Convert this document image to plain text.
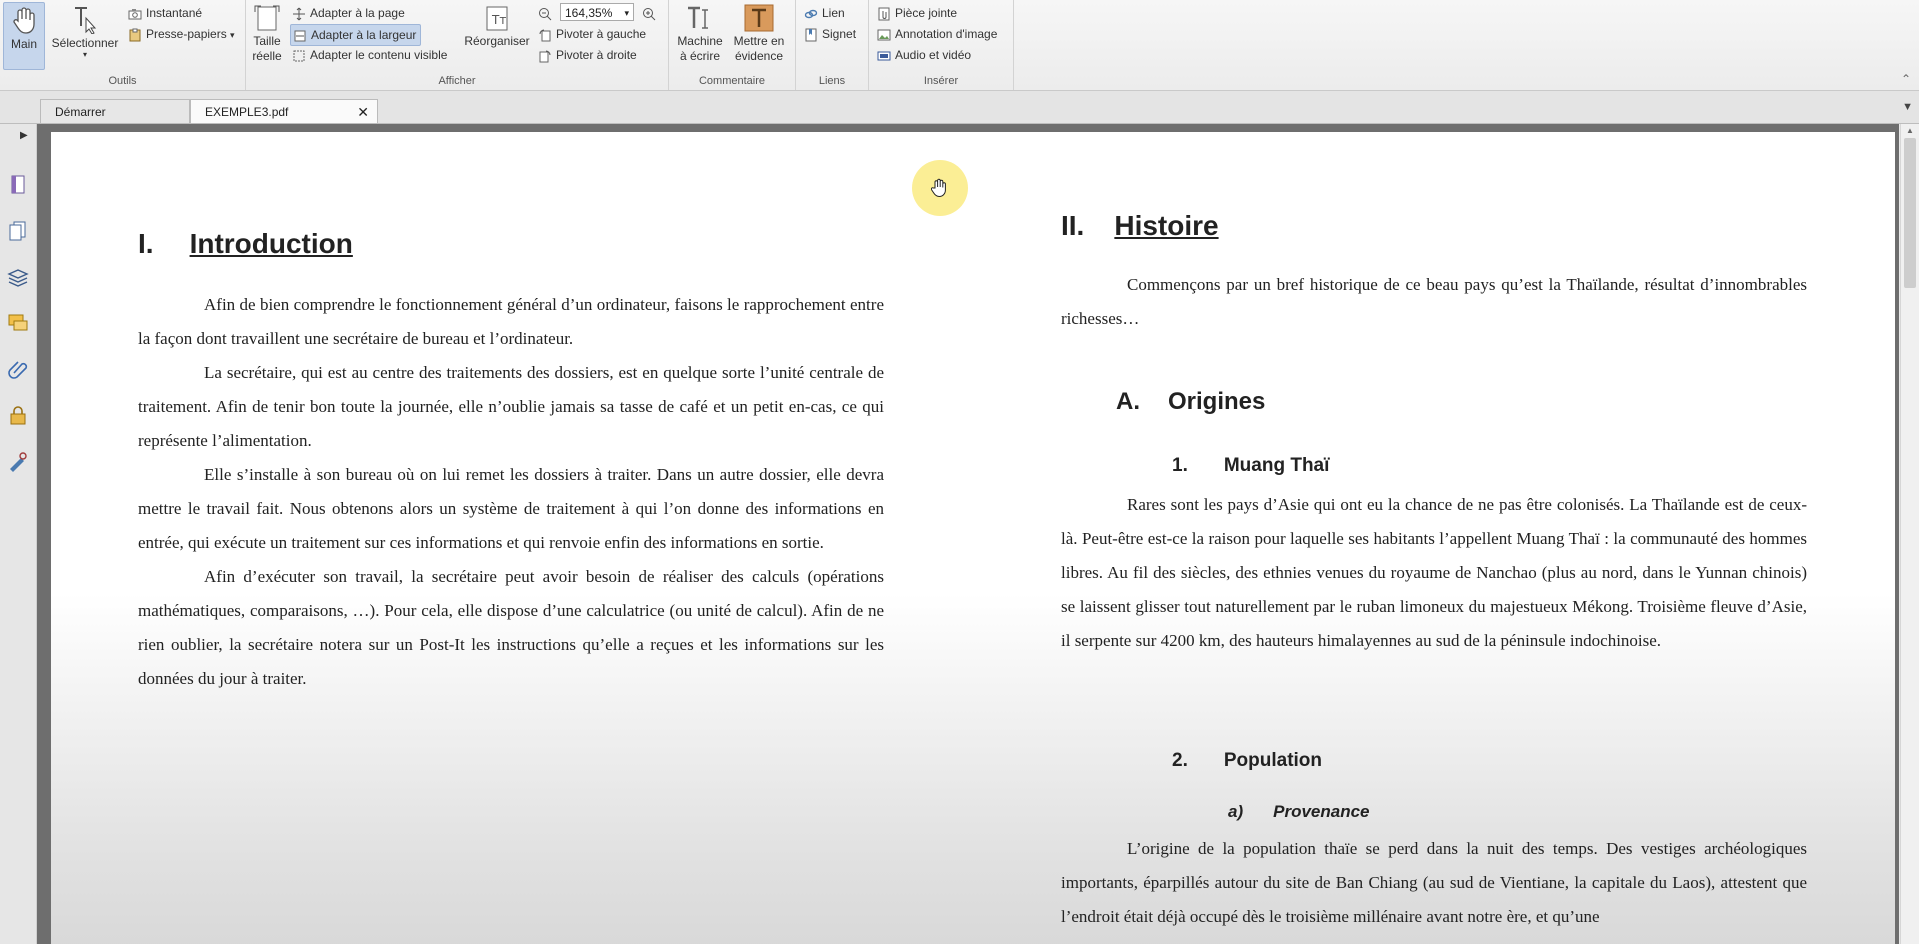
Main	Sélectionner
▾
Instantané
Presse-papiers ▾
Outils
Taille
réelle
Adapter à la page
Adapter à la largeur
Adapter le contenu visible
Tт
Réorganiser
164,35% ▾
Pivoter à gauche
Pivoter à droite
Afficher
Machine
à écrire
Mettre en
évidence
Commentaire
Lien
Signet
Liens
Pièce jointe
Annotation d'image
Audio et vidéo
Insérer	⌃
Démarrer	EXEMPLE3.pdf	✕	▼
▶
I. Introduction

Afin de bien comprendre le fonctionnement général d’un ordinateur, faisons le rapprochement entre la façon dont travaillent une secrétaire de bureau et l’ordinateur.

La secrétaire, qui est au centre des traitements des dossiers, est en quelque sorte l’unité centrale de traitement. Afin de tenir bon toute la journée, elle n’oublie jamais sa tasse de café et un petit en-cas, ce qui représente l’alimentation.

Elle s’installe à son bureau où on lui remet les dossiers à traiter. Dans un autre dossier, elle devra mettre le travail fait. Nous obtenons alors un système de traitement à qui l’on donne des informations en entrée, qui exécute un traitement sur ces informations et qui renvoie enfin des informations en sortie.

Afin d’exécuter son travail, la secrétaire peut avoir besoin de réaliser des calculs (opérations mathématiques, comparaisons, …). Pour cela, elle dispose d’une calculatrice (ou unité de calcul). Afin de ne rien oublier, la secrétaire notera sur un Post-It les instructions qu’elle a reçues et les informations sur les données du jour à traiter.

II. Histoire

Commençons par un bref historique de ce beau pays qu’est la Thaïlande, résultat d’innombrables richesses…

A. Origines
1. Muang Thaï

Rares sont les pays d’Asie qui ont eu la chance de ne pas être colonisés. La Thaïlande est de ceux-là. Peut-être est-ce la raison pour laquelle ses habitants l’appellent Muang Thaï : la communauté des hommes libres. Au fil des siècles, des ethnies venues du royaume de Nanchao (plus au nord, dans le Yunnan chinois) se laissent glisser tout naturellement par le ruban limoneux du majestueux Mékong. Troisième fleuve d’Asie, il serpente sur 4200 km, des hauteurs himalayennes au sud de la péninsule indochinoise.

2. Population
a) Provenance

L’origine de la population thaïe se perd dans la nuit des temps. Des vestiges archéologiques importants, éparpillés autour du site de Ban Chiang (au sud de Vientiane, la capitale du Laos), attestent que l’endroit était déjà occupé dès le troisième millénaire avant notre ère, et qu’une

▲
